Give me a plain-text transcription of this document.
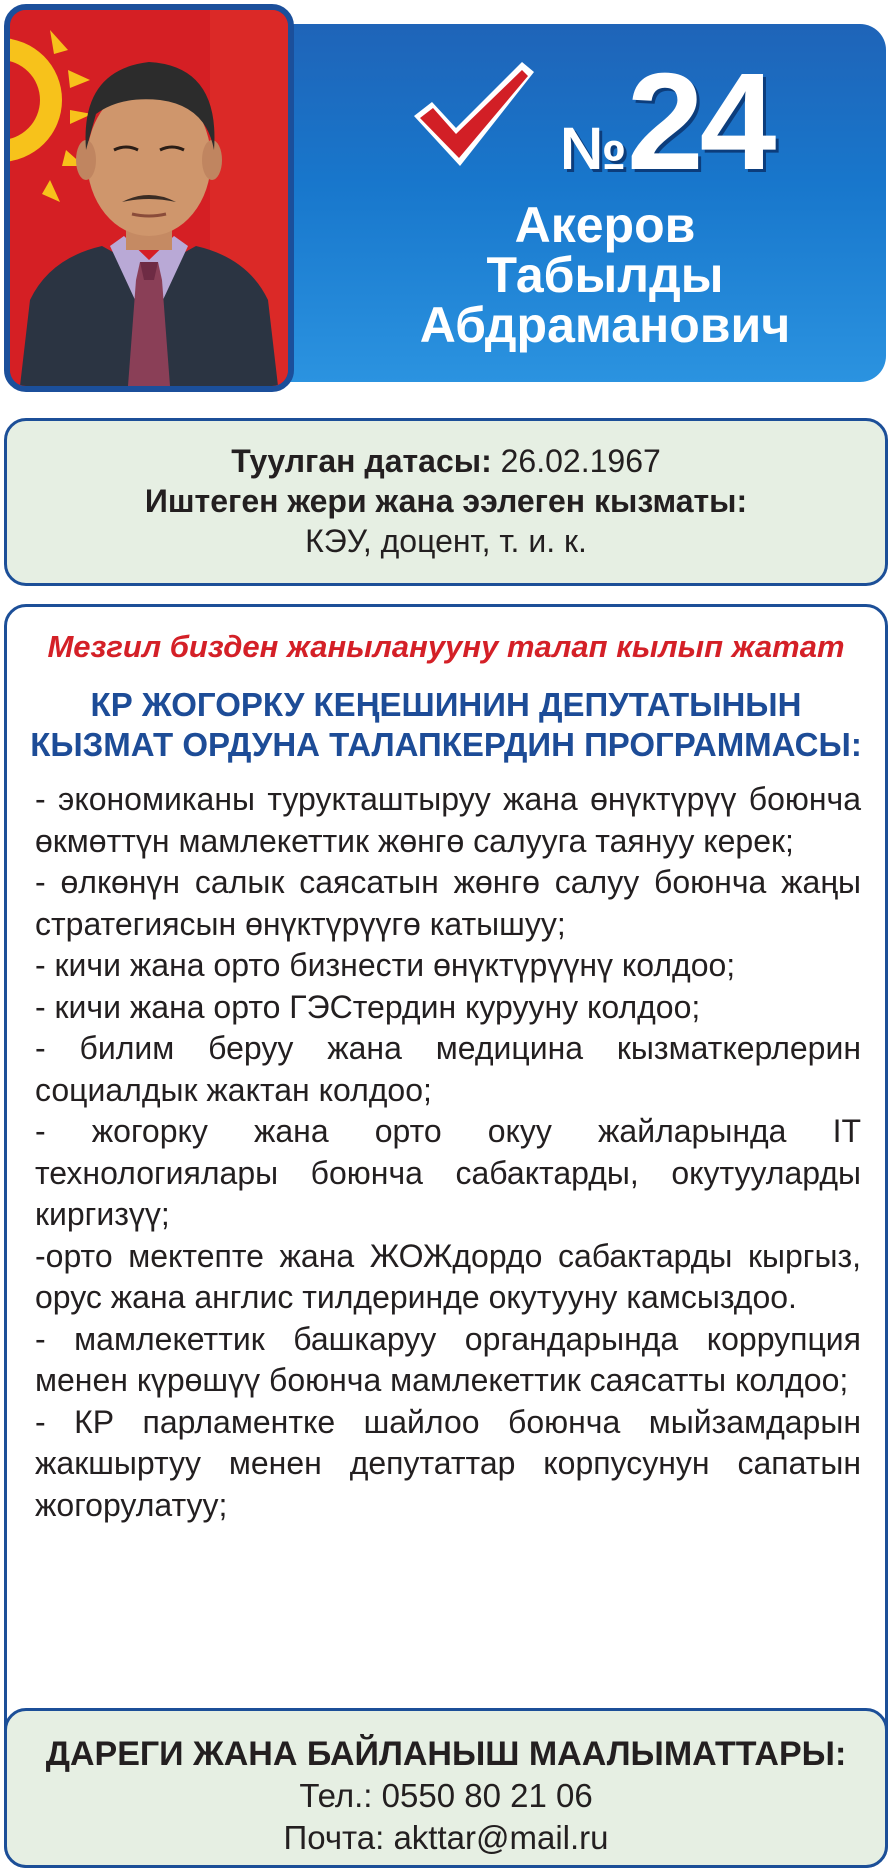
№24
Акеров
Табылды
Абдраманович
Туулган датасы: 26.02.1967
Иштеген жери жана ээлеген кызматы:
КЭУ, доцент, т. и. к.
Мезгил бизден жаныланууну талап кылып жатат
КР ЖОГОРКУ КЕҢЕШИНИН ДЕПУТАТЫНЫН
КЫЗМАТ ОРДУНА ТАЛАПКЕРДИН ПРОГРАММАСЫ:

- экономиканы турукташтыруу жана өнүктүрүү боюнча өкмөттүн мамлекеттик жөнгө салууга таянуу керек;

- өлкөнүн салык саясатын жөнгө салуу боюнча жаңы стратегиясын өнүктүрүүгө катышуу;

- кичи жана орто бизнести өнүктүрүүнү колдоо;

- кичи жана орто ГЭСтердин курууну колдоо;

- билим беруу жана медицина кызматкерлерин социалдык жактан колдоо;

- жогорку жана орто окуу жайларында IT технологиялары боюнча сабактарды, окутууларды киргизүү;

-орто мектепте жана ЖОЖдордо сабактарды кыргыз, орус жана англис тилдеринде окутууну камсыздоо.

- мамлекеттик башкаруу органдарында коррупция менен күрөшүү боюнча мамлекеттик саясатты колдоо;

- КР парламентке шайлоо боюнча мыйзамдарын жакшыртуу менен депутаттар корпусунун сапатын жогорулатуу;

ДАРЕГИ ЖАНА БАЙЛАНЫШ МААЛЫМАТТАРЫ:
Тел.: 0550 80 21 06
Почта: akttar@mail.ru
